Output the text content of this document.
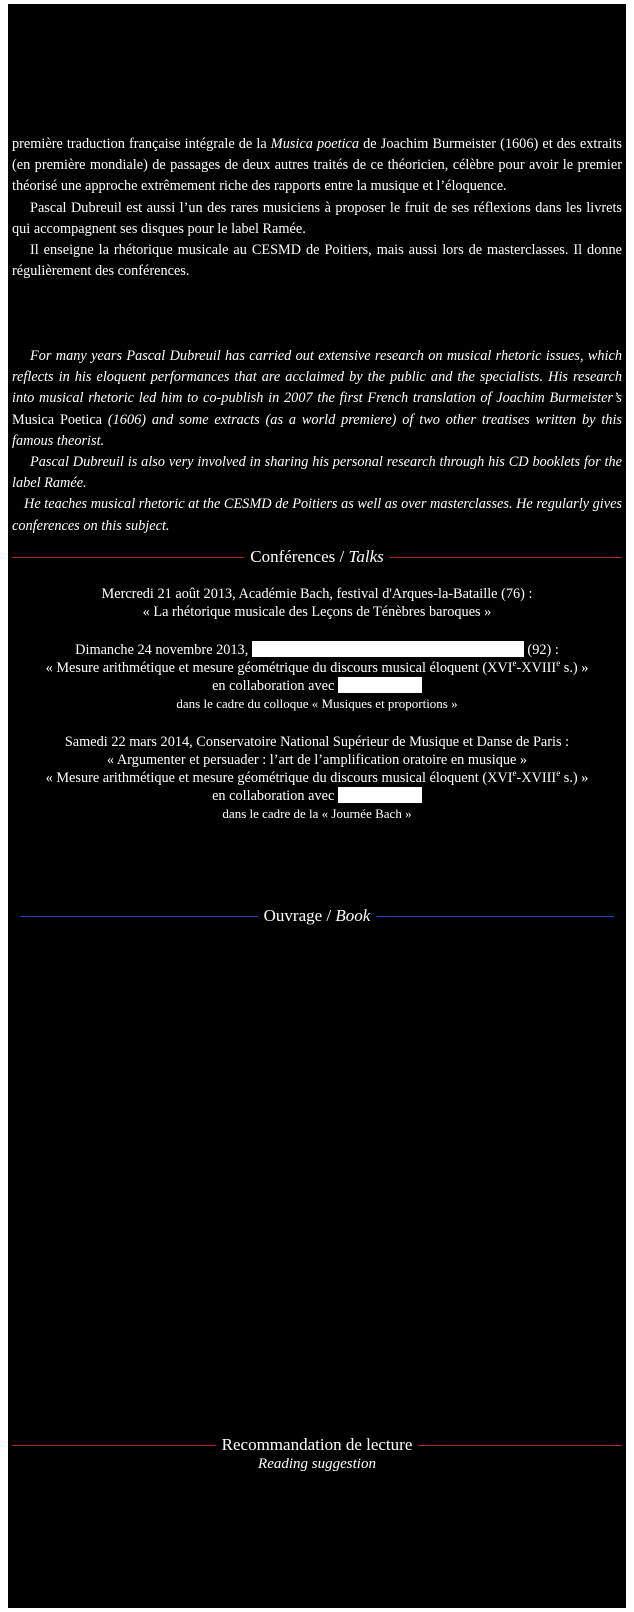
première traduction française intégrale de la Musica poetica de Joachim Burmeister (1606) et des extraits (en première mondiale) de passages de deux autres traités de ce théoricien, célèbre pour avoir le premier théorisé une approche extrêmement riche des rapports entre la musique et l’éloquence.

Pascal Dubreuil est aussi l’un des rares musiciens à proposer le fruit de ses réflexions dans les livrets qui accompagnent ses disques pour le label Ramée.

Il enseigne la rhétorique musicale au CESMD de Poitiers, mais aussi lors de masterclasses. Il donne régulièrement des conférences.

For many years Pascal Dubreuil has carried out extensive research on musical rhetoric issues, which reflects in his eloquent performances that are acclaimed by the public and the specialists. His research into musical rhetoric led him to co-publish in 2007 the first French translation of Joachim Burmeister’s Musica Poetica (1606) and some extracts (as a world premiere) of two other treatises written by this famous theorist.

Pascal Dubreuil is also very involved in sharing his personal research through his CD booklets for the label Ramée.

He teaches musical rhetoric at the CESMD de Poitiers as well as over masterclasses. He regularly gives conferences on this subject.

Conférences / Talks
Mercredi 21 août 2013, Académie Bach, festival d'Arques-la-Bataille (76) :
« La rhétorique musicale des Leçons de Ténèbres baroques »
Dimanche 24 novembre 2013,	(92) :
« Mesure arithmétique et mesure géométrique du discours musical éloquent (XVIe-XVIIIe s.) »
en collaboration avec
dans le cadre du colloque « Musiques et proportions »
Samedi 22 mars 2014, Conservatoire National Supérieur de Musique et Danse de Paris :
« Argumenter et persuader : l’art de l’amplification oratoire en musique »
« Mesure arithmétique et mesure géométrique du discours musical éloquent (XVIe-XVIIIe s.) »
en collaboration avec
dans le cadre de la « Journée Bach »
Ouvrage / Book
Recommandation de lecture
Reading suggestion
